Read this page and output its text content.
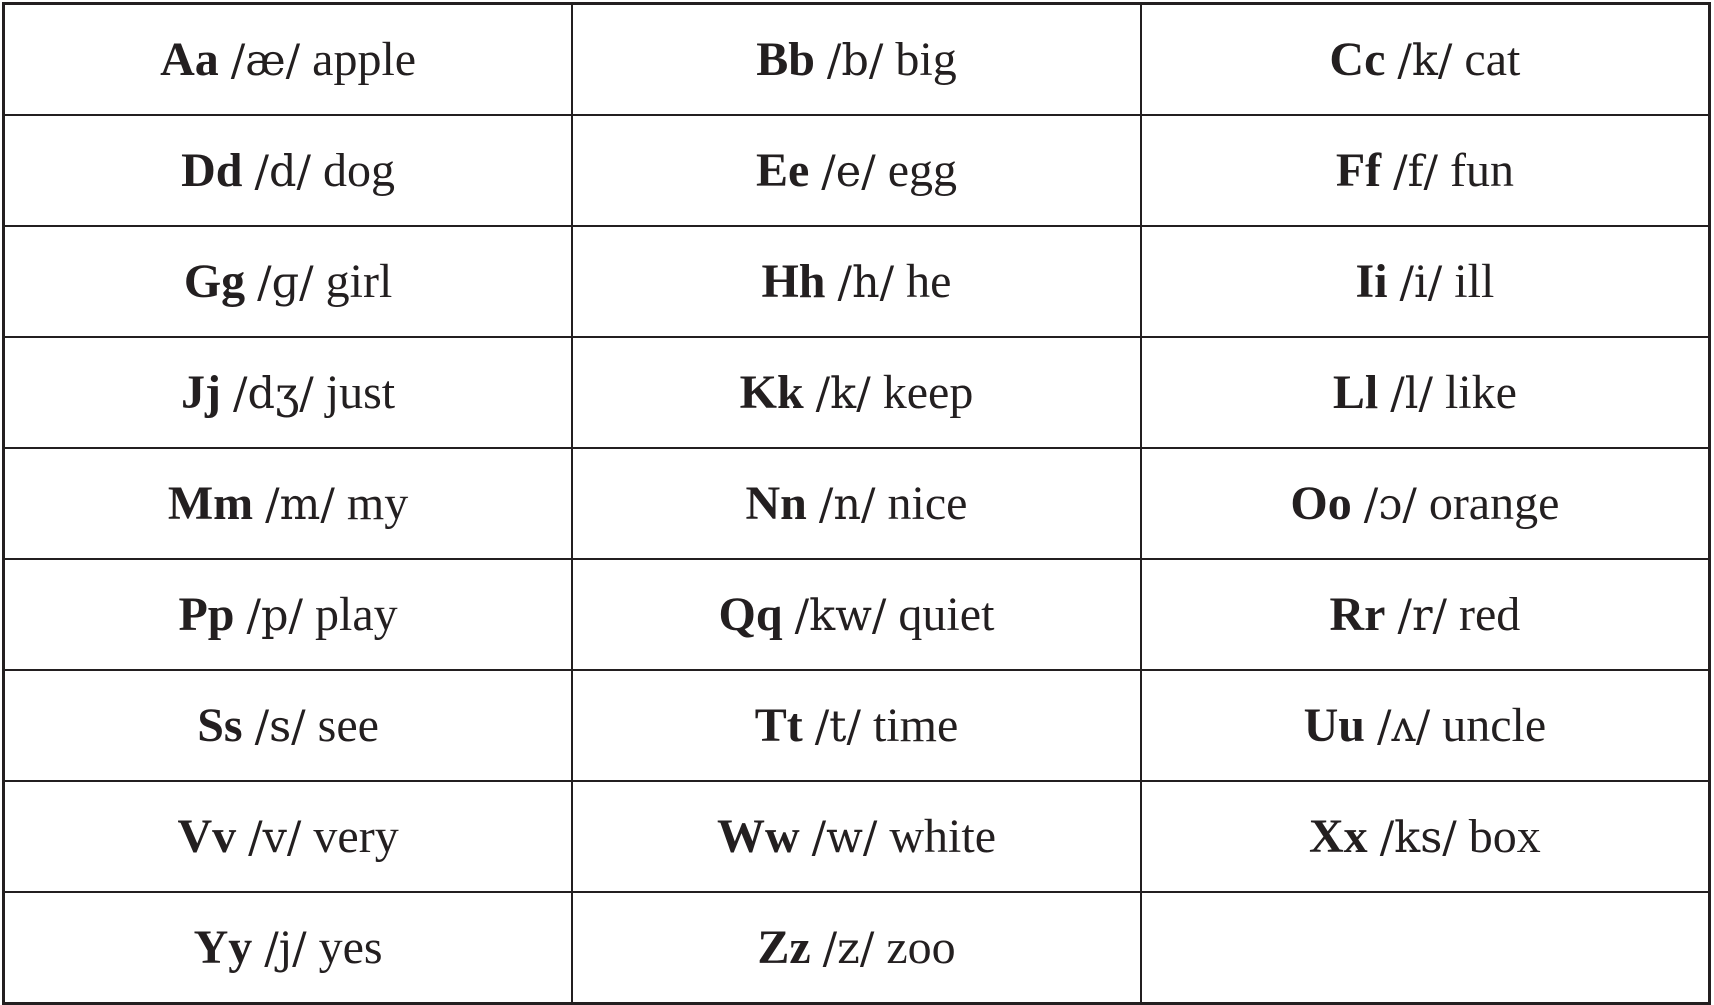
Aa /æ/ apple	Bb /b/ big	Cc /k/ cat
Dd /d/ dog	Ee /e/ egg	Ff /f/ fun
Gg /ɡ/ girl	Hh /h/ he	Ii /i/ ill
Jj /dʒ/ just	Kk /k/ keep	Ll /l/ like
Mm /m/ my	Nn /n/ nice	Oo /ɔ/ orange
Pp /p/ play	Qq /kw/ quiet	Rr /r/ red
Ss /s/ see	Tt /t/ time	Uu /ʌ/ uncle
Vv /v/ very	Ww /w/ white	Xx /ks/ box
Yy /j/ yes	Zz /z/ zoo	
